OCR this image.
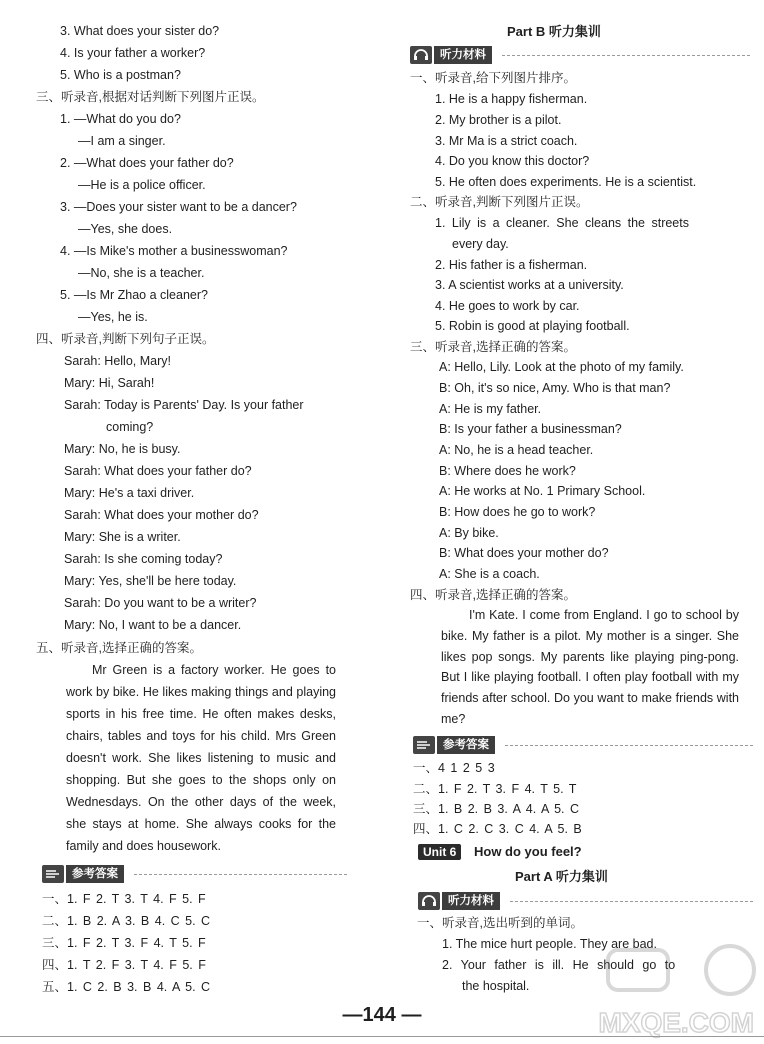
3. What does your sister do?
4. Is your father a worker?
5. Who is a postman?
三、听录音,根据对话判断下列图片正误。
1. —What do you do?
—I am a singer.
2. —What does your father do?
—He is a police officer.
3. —Does your sister want to be a dancer?
—Yes, she does.
4. —Is Mike's mother a businesswoman?
—No, she is a teacher.
5. —Is Mr Zhao a cleaner?
—Yes, he is.
四、听录音,判断下列句子正误。
Sarah: Hello, Mary!
Mary: Hi, Sarah!
Sarah: Today is Parents' Day. Is your father
coming?
Mary: No, he is busy.
Sarah: What does your father do?
Mary: He's a taxi driver.
Sarah: What does your mother do?
Mary: She is a writer.
Sarah: Is she coming today?
Mary: Yes, she'll be here today.
Sarah: Do you want to be a writer?
Mary: No, I want to be a dancer.
五、听录音,选择正确的答案。
Mr Green is a factory worker. He goes to work by bike. He likes making things and playing sports in his free time. He often makes desks, chairs, tables and toys for his child. Mrs Green doesn't work. She likes listening to music and shopping. But she goes to the shops only on Wednesdays. On the other days of the week, she stays at home. She always cooks for the family and does housework.
参考答案
一、1. F 2. T 3. T 4. F 5. F
二、1. B 2. A 3. B 4. C 5. C
三、1. F 2. T 3. F 4. T 5. F
四、1. T 2. F 3. T 4. F 5. F
五、1. C 2. B 3. B 4. A 5. C
Part B 听力集训
听力材料
一、听录音,给下列图片排序。
1. He is a happy fisherman.
2. My brother is a pilot.
3. Mr Ma is a strict coach.
4. Do you know this doctor?
5. He often does experiments. He is a scientist.
二、听录音,判断下列图片正误。
1. Lily is a cleaner. She cleans the streets
every day.
2. His father is a fisherman.
3. A scientist works at a university.
4. He goes to work by car.
5. Robin is good at playing football.
三、听录音,选择正确的答案。
A: Hello, Lily. Look at the photo of my family.
B: Oh, it's so nice, Amy. Who is that man?
A: He is my father.
B: Is your father a businessman?
A: No, he is a head teacher.
B: Where does he work?
A: He works at No. 1 Primary School.
B: How does he go to work?
A: By bike.
B: What does your mother do?
A: She is a coach.
四、听录音,选择正确的答案。
I'm Kate. I come from England. I go to school by bike. My father is a pilot. My mother is a singer. She likes pop songs. My parents like playing ping-pong. But I like playing football. I often play football with my friends after school. Do you want to make friends with me?
参考答案
一、4 1 2 5 3
二、1. F 2. T 3. F 4. T 5. T
三、1. B 2. B 3. A 4. A 5. C
四、1. C 2. C 3. C 4. A 5. B
Unit 6	How do you feel?
Part A 听力集训
听力材料
一、听录音,选出听到的单词。
1. The mice hurt people. They are bad.
2. Your father is ill. He should go to
the hospital.
MXQE.COM
—144 —
